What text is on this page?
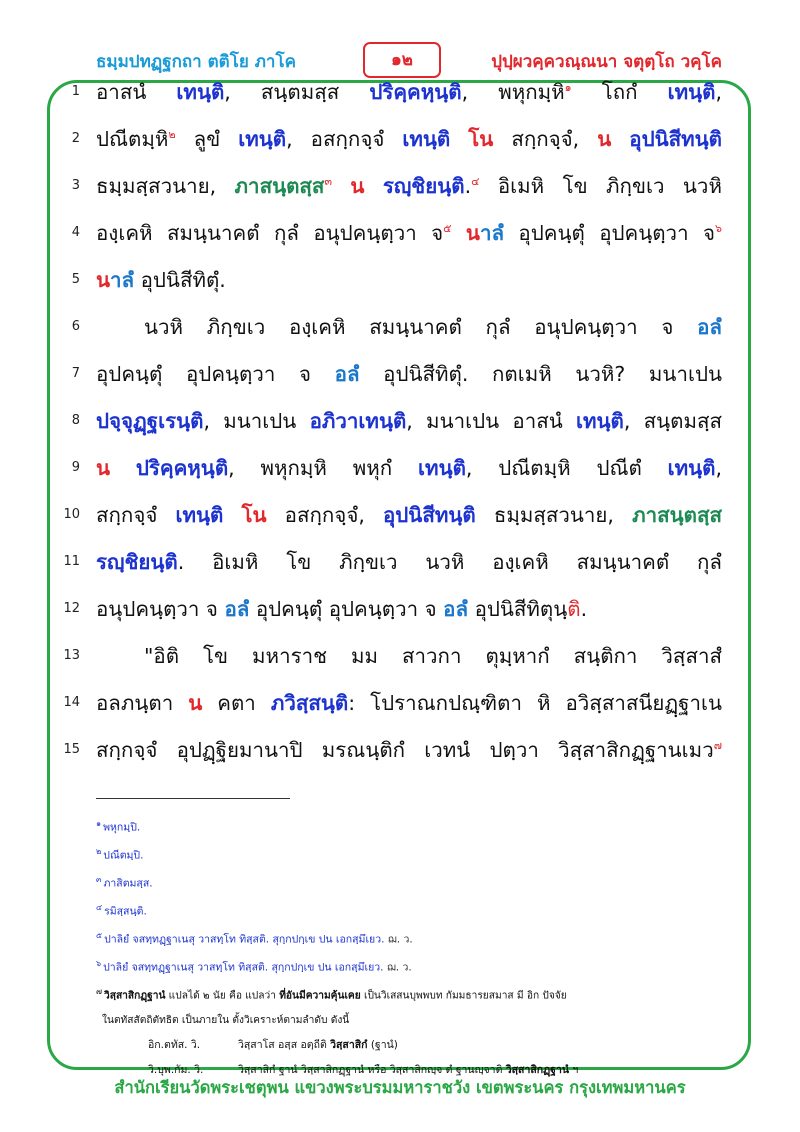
ธมฺมปทฏฺฐกถา ตติโย ภาโค	๑๒	ปุปฺผวคฺควณฺณนา จตุตฺโถ วคฺโค
1 อาสนํ เทนฺติ, สนฺตมสฺส ปริคฺคหฺนฺติ, พหุกมฺหิ$^๑$ โถกํ เทนฺติ,
2 ปณีตมฺหิ$^๒$ ลูขํ เทนฺติ, อสกฺกจฺจํ เทนฺติ โน สกฺกจฺจํ, น อุปนิสีทนฺติ
3 ธมฺมสฺสวนาย, ภาสนฺตสฺส$^๓$ น รญฺชิยนฺติ.$^๔$ อิเมหิ โข ภิกฺขเว นวหิ
4 องฺเคหิ สมนฺนาคตํ กุลํ อนุปคนฺตฺวา จ$^๕$ นาลํ อุปคนฺตุํ อุปคนฺตฺวา จ$^๖$
5 นาลํ อุปนิสีทิตุํ.
6	นวหิ ภิกฺขเว องฺเคหิ สมนฺนาคตํ กุลํ อนุปคนฺตฺวา จ อลํ
7 อุปคนฺตุํ อุปคนฺตฺวา จ อลํ อุปนิสีทิตุํ. กตเมหิ นวหิ? มนาเปน
8 ปจฺจุฏฺฐเรนฺติ, มนาเปน อภิวาเทนฺติ, มนาเปน อาสนํ เทนฺติ, สนฺตมสฺส
9 น ปริคฺคหฺนฺติ, พหุกมฺหิ พหุกํ เทนฺติ, ปณีตมฺหิ ปณีตํ เทนฺติ,
10 สกฺกจฺจํ เทนฺติ โน อสกฺกจฺจํ, อุปนิสีทนฺติ ธมฺมสฺสวนาย, ภาสนฺตสฺส
11 รญฺชิยนฺติ. อิเมหิ โข ภิกฺขเว นวหิ องฺเคหิ สมนฺนาคตํ กุลํ
12 อนุปคนฺตฺวา จ อลํ อุปคนฺตุํ อุปคนฺตฺวา จ อลํ อุปนิสีทิตุนฺติ.
13	"อิติ โข มหาราช มม สาวกา ตุมฺหากํ สนฺติกา วิสฺสาสํ
14 อลภนฺตา น คตา ภวิสฺสนฺติ: โปราณกปณฺฑิตา หิ อวิสฺสาสนียฏฺฐาเน
15 สกฺกจฺจํ อุปฏฺฐิยมานาปิ มรณนฺติกํ เวทนํ ปตฺวา วิสฺสาสิกฏฺฐานเมว$^๗$
$^๑$ พหุกมฺปิ.
$^๒$ ปณีตมฺปิ.
$^๓$ ภาสิตมสฺส.
$^๔$ รมิสฺสนฺติ.
$^๕$ ปาลิยํ จสทฺทฏฺฐาเนสุ วาสทฺโท ทิสฺสติ. สุกฺกปกฺเข ปน เอกสฺมึเยว. ฌ. ว.
$^๖$ ปาลิยํ จสทฺทฏฺฐาเนสุ วาสทฺโท ทิสฺสติ. สุกฺกปกฺเข ปน เอกสฺมึเยว. ฌ. ว.
$^๗$ วิสฺสาสิกฏฺฐานํ แปลได้ ๒ นัย คือ แปลว่า ที่อันมีความคุ้นเคย เป็นวิเสสนบุพพบท กัมมธารยสมาส มี อิก ปัจจัย
ในตทัสสัตถิตัทธิต เป็นภายใน ตั้งวิเคราะห์ตามลำดับ ดังนี้
อิก.ตทัส. วิ.	วิสฺสาโส อสฺส อตฺถีติ วิสฺสาสิกํ (ฐานํ)
วิ.บุพ.กัม. วิ.	วิสฺสาสิกํ ฐานํ วิสฺสาสิกฏฺฐานํ หรือ วิสฺสาสิกญฺจ ตํ ฐานญฺจาติ วิสฺสาสิกฏฺฐานํ ฯ
สำนักเรียนวัดพระเชตุพน แขวงพระบรมมหาราชวัง เขตพระนคร กรุงเทพมหานคร
